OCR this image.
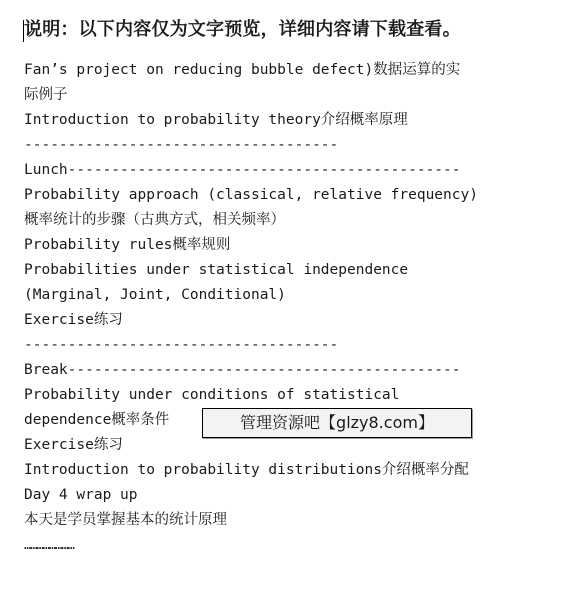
说明：以下内容仅为文字预览，详细内容请下载查看。
Fan’s project on reducing bubble defect)数据运算的实
际例子
Introduction to probability theory介绍概率原理
------------------------------------
Lunch---------------------------------------------
Probability approach (classical, relative frequency)
概率统计的步骤（古典方式，相关频率）
Probability rules概率规则
Probabilities under statistical independence
(Marginal, Joint, Conditional)
Exercise练习
------------------------------------
Break---------------------------------------------
Probability under conditions of statistical
dependence概率条件
Exercise练习
Introduction to probability distributions介绍概率分配
Day 4 wrap up
本天是学员掌握基本的统计原理
……………………
管理资源吧【glzy8.com】
